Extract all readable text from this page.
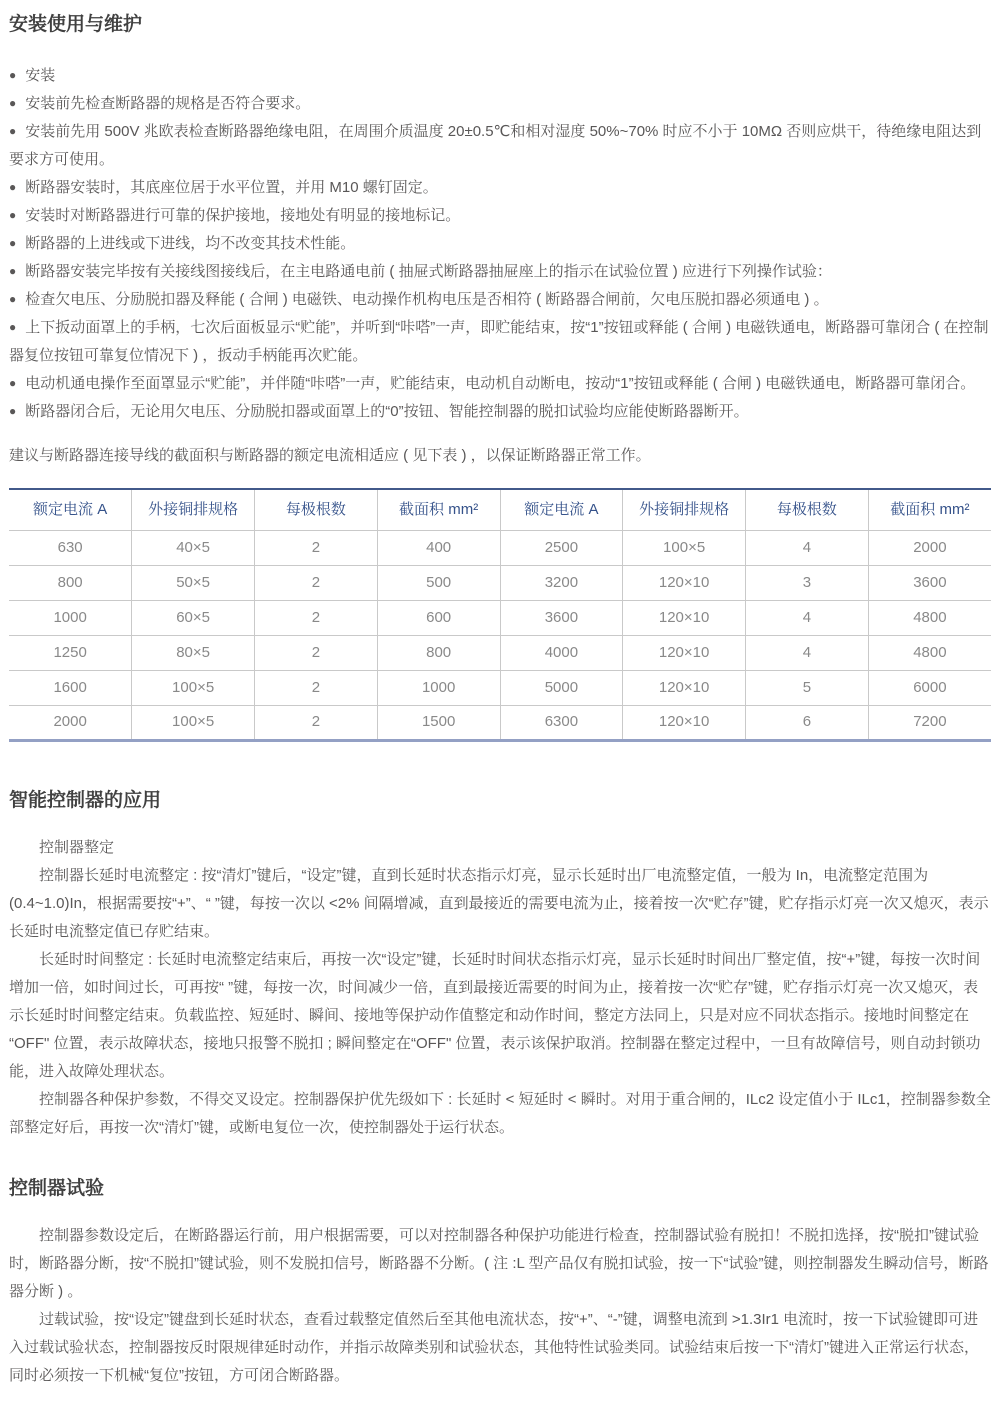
安装使用与维护

● 安装

● 安装前先检查断路器的规格是否符合要求。

● 安装前先用 500V 兆欧表检查断路器绝缘电阻，在周围介质温度 20±0.5℃和相对湿度 50%~70% 时应不小于 10MΩ 否则应烘干，待绝缘电阻达到要求方可使用。

● 断路器安装时，其底座位居于水平位置，并用 M10 螺钉固定。

● 安装时对断路器进行可靠的保护接地，接地处有明显的接地标记。

● 断路器的上进线或下进线，均不改变其技术性能。

● 断路器安装完毕按有关接线图接线后，在主电路通电前 ( 抽屉式断路器抽屉座上的指示在试验位置 ) 应进行下列操作试验：

● 检查欠电压、分励脱扣器及释能 ( 合闸 ) 电磁铁、电动操作机构电压是否相符 ( 断路器合闸前，欠电压脱扣器必须通电 ) 。

● 上下扳动面罩上的手柄，七次后面板显示“贮能”，并听到“咔嗒”一声，即贮能结束，按“1”按钮或释能 ( 合闸 ) 电磁铁通电，断路器可靠闭合 ( 在控制器复位按钮可靠复位情况下 ) ，扳动手柄能再次贮能。

● 电动机通电操作至面罩显示“贮能”，并伴随“咔嗒”一声，贮能结束，电动机自动断电，按动“1”按钮或释能 ( 合闸 ) 电磁铁通电，断路器可靠闭合。

● 断路器闭合后，无论用欠电压、分励脱扣器或面罩上的“0”按钮、智能控制器的脱扣试验均应能使断路器断开。

建议与断路器连接导线的截面积与断路器的额定电流相适应 ( 见下表 ) ，以保证断路器正常工作。

额定电流 A	外接铜排规格	每极根数	截面积 mm²	额定电流 A	外接铜排规格	每极根数	截面积 mm²
630	40×5	2	400	2500	100×5	4	2000
800	50×5	2	500	3200	120×10	3	3600
1000	60×5	2	600	3600	120×10	4	4800
1250	80×5	2	800	4000	120×10	4	4800
1600	100×5	2	1000	5000	120×10	5	6000
2000	100×5	2	1500	6300	120×10	6	7200
智能控制器的应用

控制器整定

控制器长延时电流整定 : 按“清灯”键后，“设定”键，直到长延时状态指示灯亮，显示长延时出厂电流整定值，一般为 In，电流整定范围为 (0.4~1.0)In，根据需要按“+”、“ ”键，每按一次以 <2% 间隔增减，直到最接近的需要电流为止，接着按一次“贮存”键，贮存指示灯亮一次又熄灭，表示长延时电流整定值已存贮结束。

长延时时间整定 : 长延时电流整定结束后，再按一次“设定”键，长延时时间状态指示灯亮，显示长延时时间出厂整定值，按“+”键，每按一次时间增加一倍，如时间过长，可再按“ ”键，每按一次，时间减少一倍，直到最接近需要的时间为止，接着按一次“贮存”键，贮存指示灯亮一次又熄灭，表示长延时时间整定结束。负载监控、短延时、瞬间、接地等保护动作值整定和动作时间，整定方法同上，只是对应不同状态指示。接地时间整定在“OFF" 位置，表示故障状态，接地只报警不脱扣 ; 瞬间整定在“OFF" 位置，表示该保护取消。控制器在整定过程中，一旦有故障信号，则自动封锁功能，进入故障处理状态。

控制器各种保护参数，不得交叉设定。控制器保护优先级如下 : 长延时 < 短延时 < 瞬时。对用于重合闸的，ILc2 设定值小于 ILc1，控制器参数全部整定好后，再按一次“清灯”键，或断电复位一次，使控制器处于运行状态。

控制器试验

控制器参数设定后，在断路器运行前，用户根据需要，可以对控制器各种保护功能进行检查，控制器试验有脱扣！不脱扣选择，按“脱扣”键试验时，断路器分断，按“不脱扣”键试验，则不发脱扣信号，断路器不分断。( 注 :L 型产品仅有脱扣试验，按一下“试验”键，则控制器发生瞬动信号，断路器分断 ) 。

过载试验，按“设定”键盘到长延时状态，查看过载整定值然后至其他电流状态，按“+”、“-”键，调整电流到 >1.3Ir1 电流时，按一下试验键即可进入过载试验状态，控制器按反时限规律延时动作，并指示故障类别和试验状态，其他特性试验类同。试验结束后按一下“清灯”键进入正常运行状态，同时必须按一下机械“复位”按钮，方可闭合断路器。
